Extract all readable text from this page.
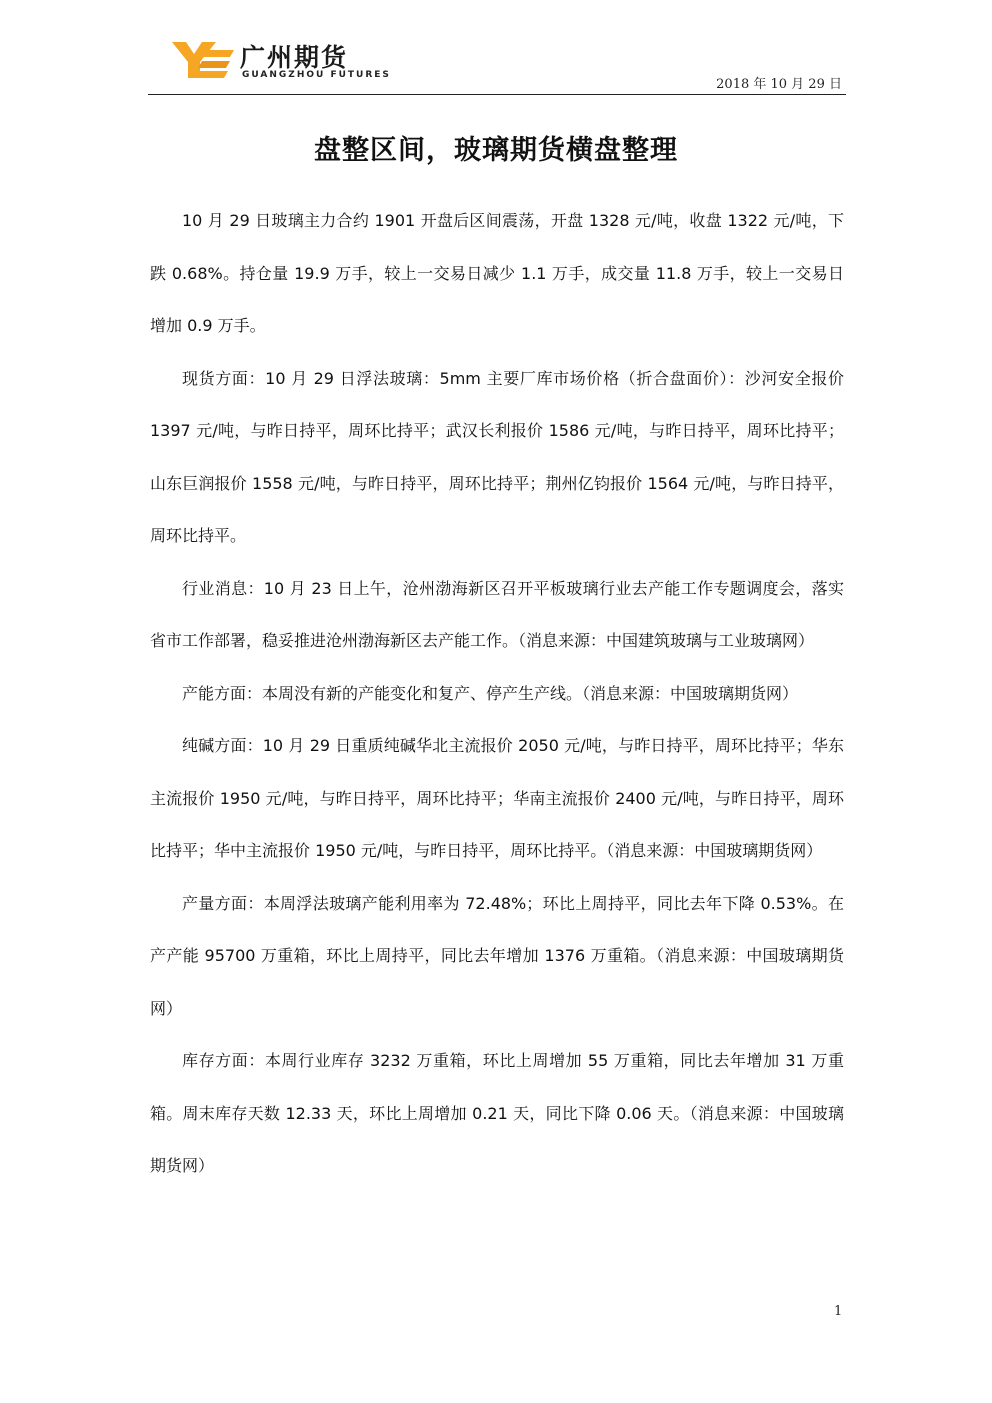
广州期货
GUANGZHOU FUTURES
2018 年 10 月 29 日
盘整区间，玻璃期货横盘整理

10 月 29 日玻璃主力合约 1901 开盘后区间震荡，开盘 1328 元/吨，收盘 1322 元/吨，下跌 0.68%。持仓量 19.9 万手，较上一交易日减少 1.1 万手，成交量 11.8 万手，较上一交易日增加 0.9 万手。

现货方面：10 月 29 日浮法玻璃：5mm 主要厂库市场价格（折合盘面价）：沙河安全报价 1397 元/吨，与昨日持平，周环比持平；武汉长利报价 1586 元/吨，与昨日持平，周环比持平；山东巨润报价 1558 元/吨，与昨日持平，周环比持平；荆州亿钧报价 1564 元/吨，与昨日持平，周环比持平。

行业消息：10 月 23 日上午，沧州渤海新区召开平板玻璃行业去产能工作专题调度会，落实省市工作部署，稳妥推进沧州渤海新区去产能工作。（消息来源：中国建筑玻璃与工业玻璃网）

产能方面：本周没有新的产能变化和复产、停产生产线。（消息来源：中国玻璃期货网）

纯碱方面：10 月 29 日重质纯碱华北主流报价 2050 元/吨，与昨日持平，周环比持平；华东主流报价 1950 元/吨，与昨日持平，周环比持平；华南主流报价 2400 元/吨，与昨日持平，周环比持平；华中主流报价 1950 元/吨，与昨日持平，周环比持平。（消息来源：中国玻璃期货网）

产量方面：本周浮法玻璃产能利用率为 72.48%；环比上周持平，同比去年下降 0.53%。在产产能 95700 万重箱，环比上周持平，同比去年增加 1376 万重箱。（消息来源：中国玻璃期货网）

库存方面：本周行业库存 3232 万重箱，环比上周增加 55 万重箱，同比去年增加 31 万重箱。周末库存天数 12.33 天，环比上周增加 0.21 天，同比下降 0.06 天。（消息来源：中国玻璃期货网）

1
